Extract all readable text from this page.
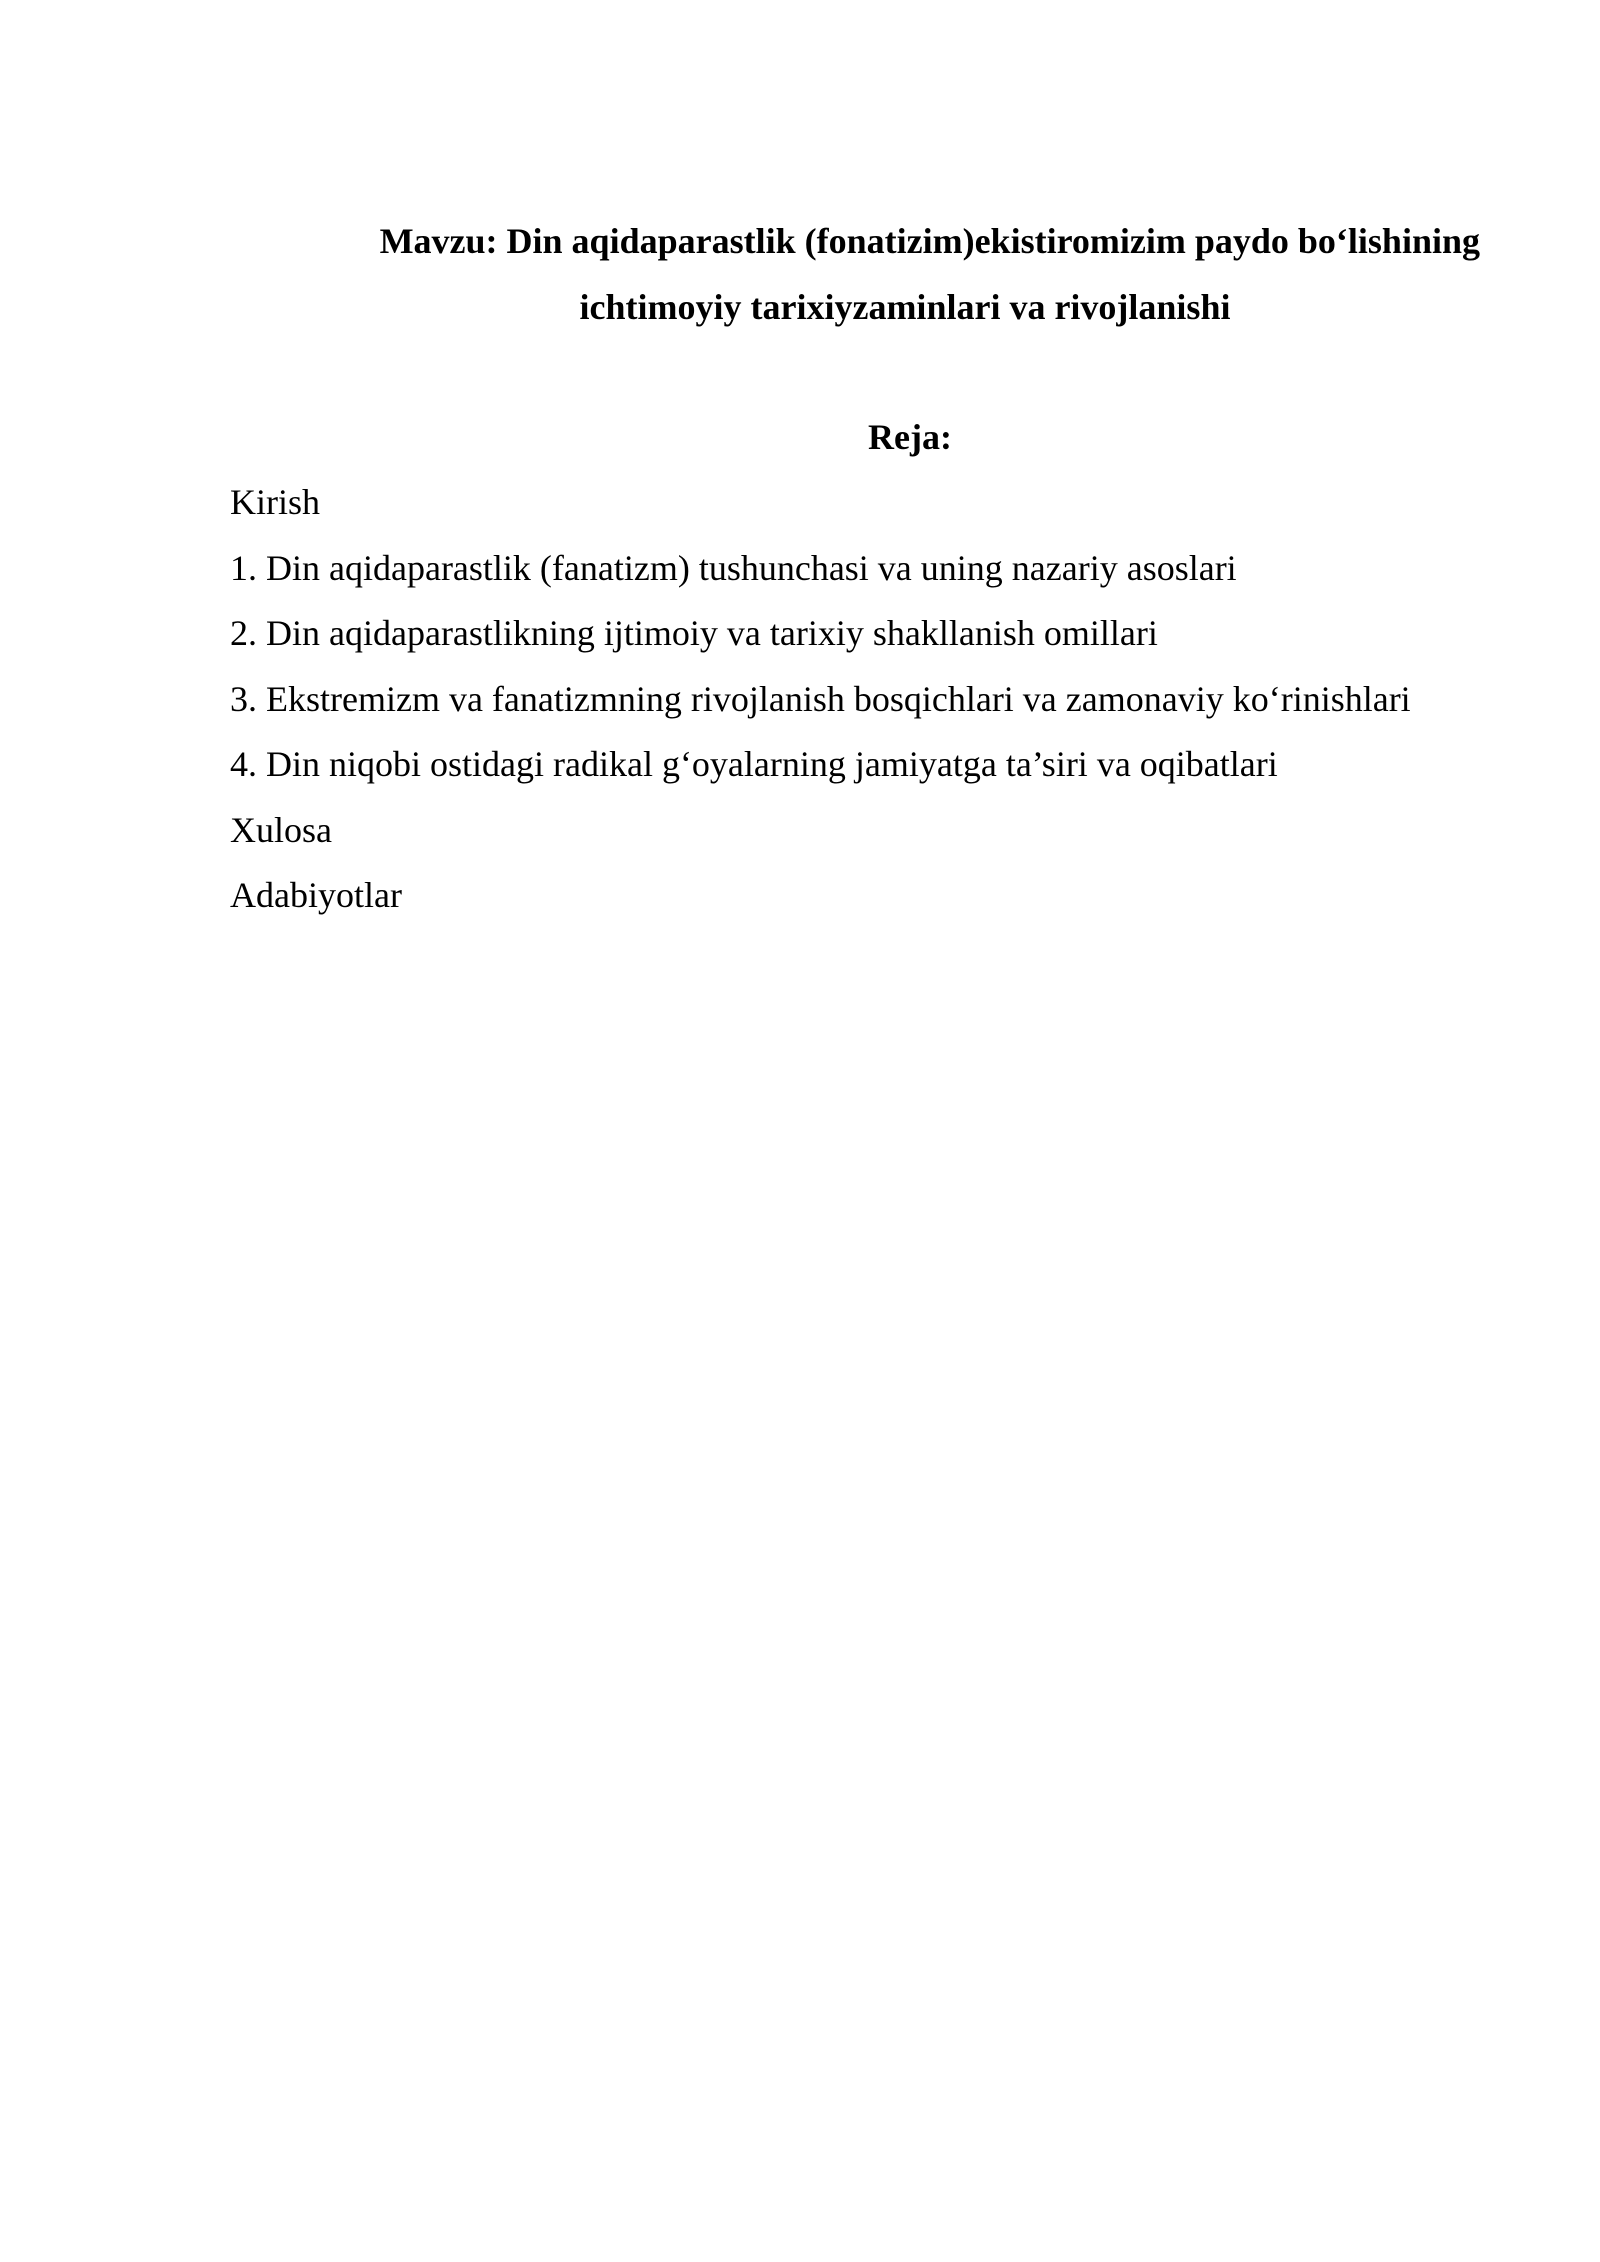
Mavzu: Din aqidaparastlik (fonatizim)ekistiromizim paydo bo‘lishining

ichtimoyiy tarixiyzaminlari va rivojlanishi

Reja:

Kirish
1. Din aqidaparastlik (fanatizm) tushunchasi va uning nazariy asoslari
2. Din aqidaparastlikning ijtimoiy va tarixiy shakllanish omillari
3. Ekstremizm va fanatizmning rivojlanish bosqichlari va zamonaviy ko‘rinishlari
4. Din niqobi ostidagi radikal g‘oyalarning jamiyatga ta’siri va oqibatlari
Xulosa
Adabiyotlar
